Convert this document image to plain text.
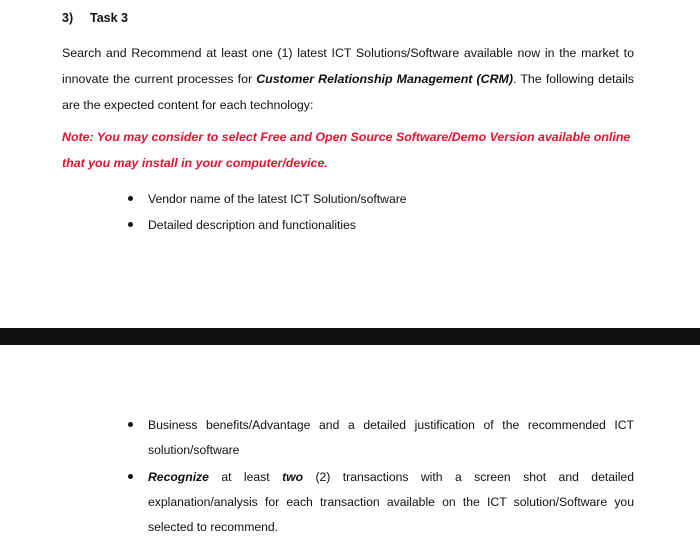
3) Task 3
Search and Recommend at least one (1) latest ICT Solutions/Software available now in the market to innovate the current processes for Customer Relationship Management (CRM). The following details are the expected content for each technology:
Note: You may consider to select Free and Open Source Software/Demo Version available online that you may install in your computer/device.
Vendor name of the latest ICT Solution/software
Detailed description and functionalities
Business benefits/Advantage and a detailed justification of the recommended ICT solution/software
Recognize at least two (2) transactions with a screen shot and detailed explanation/analysis for each transaction available on the ICT solution/Software you selected to recommend.
